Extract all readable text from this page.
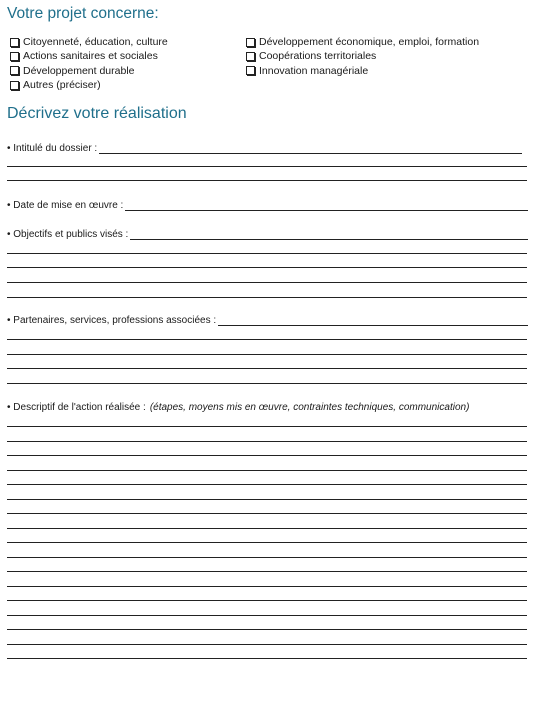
Votre projet concerne:
Citoyenneté, éducation, culture
Actions sanitaires et sociales
Développement durable
Autres (préciser)
Développement économique, emploi, formation
Coopérations territoriales
Innovation managériale
Décrivez votre réalisation
• Intitulé du dossier :
• Date de mise en œuvre :
• Objectifs et publics visés :
• Partenaires, services, professions associées :
• Descriptif de l'action réalisée : (étapes, moyens mis en œuvre, contraintes techniques, communication)
